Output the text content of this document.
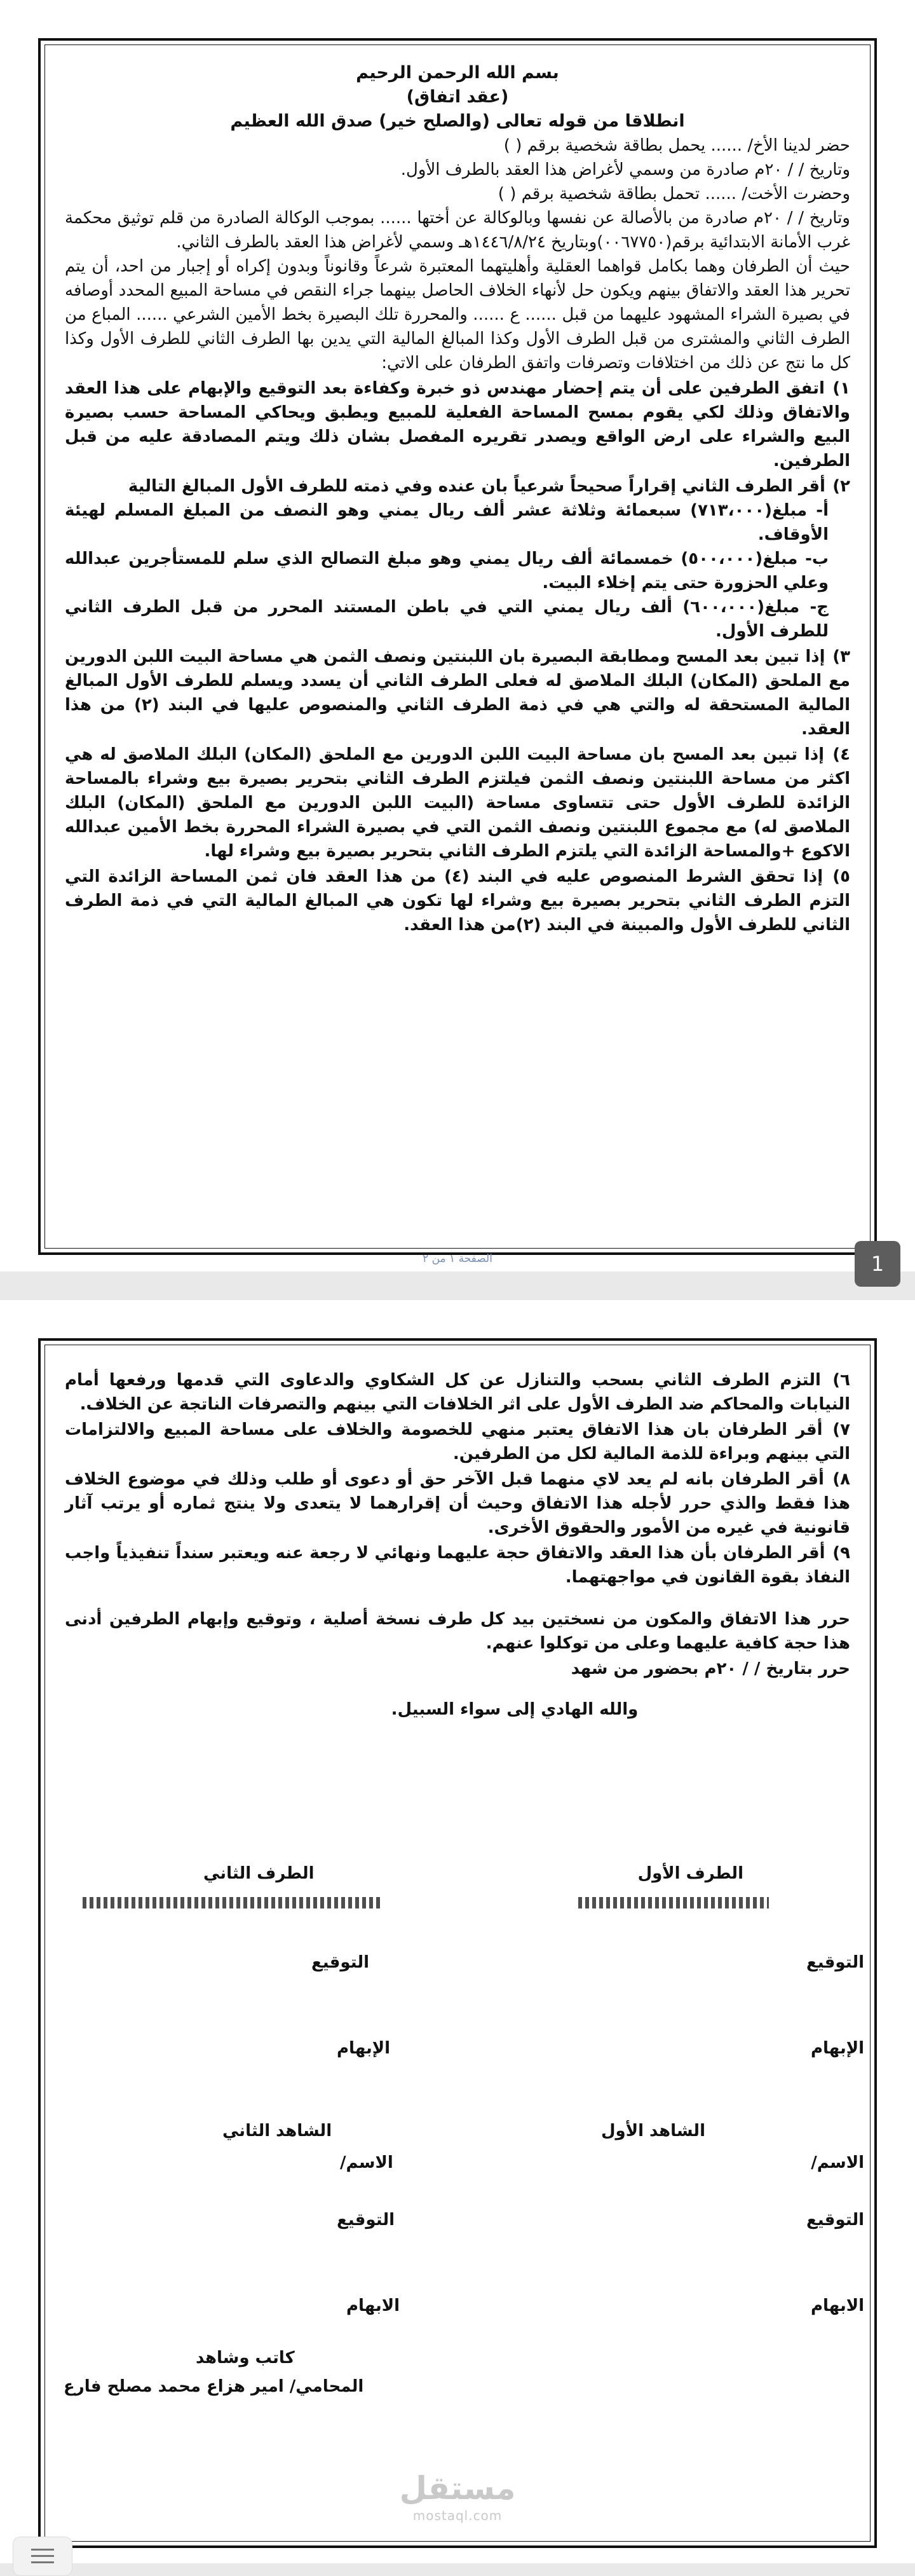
بسم الله الرحمن الرحيم

(عقد اتفاق)

انطلاقا من قوله تعالى (والصلح خير) صدق الله العظيم

حضر لدينا الأخ/ ...... يحمل بطاقة شخصية برقم ( )

وتاريخ / / ٢٠م صادرة من وسمي لأغراض هذا العقد بالطرف الأول.

وحضرت الأخت/ ...... تحمل بطاقة شخصية برقم ( )

وتاريخ / / ٢٠م صادرة من بالأصالة عن نفسها وبالوكالة عن أختها ...... بموجب الوكالة الصادرة من قلم توثيق محكمة غرب الأمانة الابتدائية برقم(٠٠٦٧٧٥٠)وبتاريخ ١٤٤٦/٨/٢٤هـ وسمي لأغراض هذا العقد بالطرف الثاني.

حيث أن الطرفان وهما بكامل قواهما العقلية وأهليتهما المعتبرة شرعاً وقانوناً وبدون إكراه أو إجبار من احد، أن يتم تحرير هذا العقد والاتفاق بينهم ويكون حل لأنهاء الخلاف الحاصل بينهما جراء النقص في مساحة المبيع المحدد أوصافه في بصيرة الشراء المشهود عليهما من قبل ...... ع ...... والمحررة تلك البصيرة بخط الأمين الشرعي ...... المباع من الطرف الثاني والمشترى من قبل الطرف الأول وكذا المبالغ المالية التي يدين بها الطرف الثاني للطرف الأول وكذا كل ما نتج عن ذلك من اختلافات وتصرفات واتفق الطرفان على الاتي:

١) اتفق الطرفين على أن يتم إحضار مهندس ذو خبرة وكفاءة بعد التوقيع والإبهام على هذا العقد والاتفاق وذلك لكي يقوم بمسح المساحة الفعلية للمبيع ويطبق ويحاكي المساحة حسب بصيرة البيع والشراء على ارض الواقع ويصدر تقريره المفصل بشان ذلك ويتم المصادقة عليه من قبل الطرفين.

٢) أقر الطرف الثاني إقراراً صحيحاً شرعياً بان عنده وفي ذمته للطرف الأول المبالغ التالية

أ- مبلغ(٧١٣،٠٠٠) سبعمائة وثلاثة عشر ألف ريال يمني وهو النصف من المبلغ المسلم لهيئة الأوقاف.

ب- مبلغ(٥٠٠،٠٠٠) خمسمائة ألف ريال يمني وهو مبلغ التصالح الذي سلم للمستأجرين عبدالله وعلي الحزورة حتى يتم إخلاء البيت.

ج- مبلغ(٦٠٠،٠٠٠) ألف ريال يمني التي في باطن المستند المحرر من قبل الطرف الثاني للطرف الأول.

٣) إذا تبين بعد المسح ومطابقة البصيرة بان اللبنتين ونصف الثمن هي مساحة البيت اللبن الدورين مع الملحق (المكان) البلك الملاصق له فعلى الطرف الثاني أن يسدد ويسلم للطرف الأول المبالغ المالية المستحقة له والتي هي في ذمة الطرف الثاني والمنصوص عليها في البند (٢) من هذا العقد.

٤) إذا تبين بعد المسح بان مساحة البيت اللبن الدورين مع الملحق (المكان) البلك الملاصق له هي اكثر من مساحة اللبنتين ونصف الثمن فيلتزم الطرف الثاني بتحرير بصيرة بيع وشراء بالمساحة الزائدة للطرف الأول حتى تتساوى مساحة (البيت اللبن الدورين مع الملحق (المكان) البلك الملاصق له) مع مجموع اللبنتين ونصف الثمن التي في بصيرة الشراء المحررة بخط الأمين عبدالله الاكوع +والمساحة الزائدة التي يلتزم الطرف الثاني بتحرير بصيرة بيع وشراء لها.

٥) إذا تحقق الشرط المنصوص عليه في البند (٤) من هذا العقد فان ثمن المساحة الزائدة التي التزم الطرف الثاني بتحرير بصيرة بيع وشراء لها تكون هي المبالغ المالية التي في ذمة الطرف الثاني للطرف الأول والمبينة في البند (٢)من هذا العقد.

الصفحة ١ من ٢	1

٦) التزم الطرف الثاني بسحب والتنازل عن كل الشكاوي والدعاوى التي قدمها ورفعها أمام النيابات والمحاكم ضد الطرف الأول على اثر الخلافات التي بينهم والتصرفات الناتجة عن الخلاف.

٧) أقر الطرفان بان هذا الاتفاق يعتبر منهي للخصومة والخلاف على مساحة المبيع والالتزامات التي بينهم وبراءة للذمة المالية لكل من الطرفين.

٨) أقر الطرفان بانه لم يعد لاي منهما قبل الآخر حق أو دعوى أو طلب وذلك في موضوع الخلاف هذا فقط والذي حرر لأجله هذا الاتفاق وحيث أن إقرارهما لا يتعدى ولا ينتج ثماره أو يرتب آثار قانونية في غيره من الأمور والحقوق الأخرى.

٩) أقر الطرفان بأن هذا العقد والاتفاق حجة عليهما ونهائي لا رجعة عنه ويعتبر سنداً تنفيذياً واجب النفاذ بقوة القانون في مواجهتهما.

حرر هذا الاتفاق والمكون من نسختين بيد كل طرف نسخة أصلية ، وتوقيع وإبهام الطرفين أدنى هذا حجة كافية عليهما وعلى من توكلوا عنهم.

حرر بتاريخ / / ٢٠م بحضور من شهد

والله الهادي إلى سواء السبيل.

الطرف الأول
الطرف الثاني
التوقيع
التوقيع
الإبهام
الإبهام
الشاهد الأول
الشاهد الثاني
الاسم/
الاسم/
التوقيع
التوقيع
الابهام
الابهام
كاتب وشاهد
المحامي/ امير هزاع محمد مصلح فارع
مستقل
mostaql.com
